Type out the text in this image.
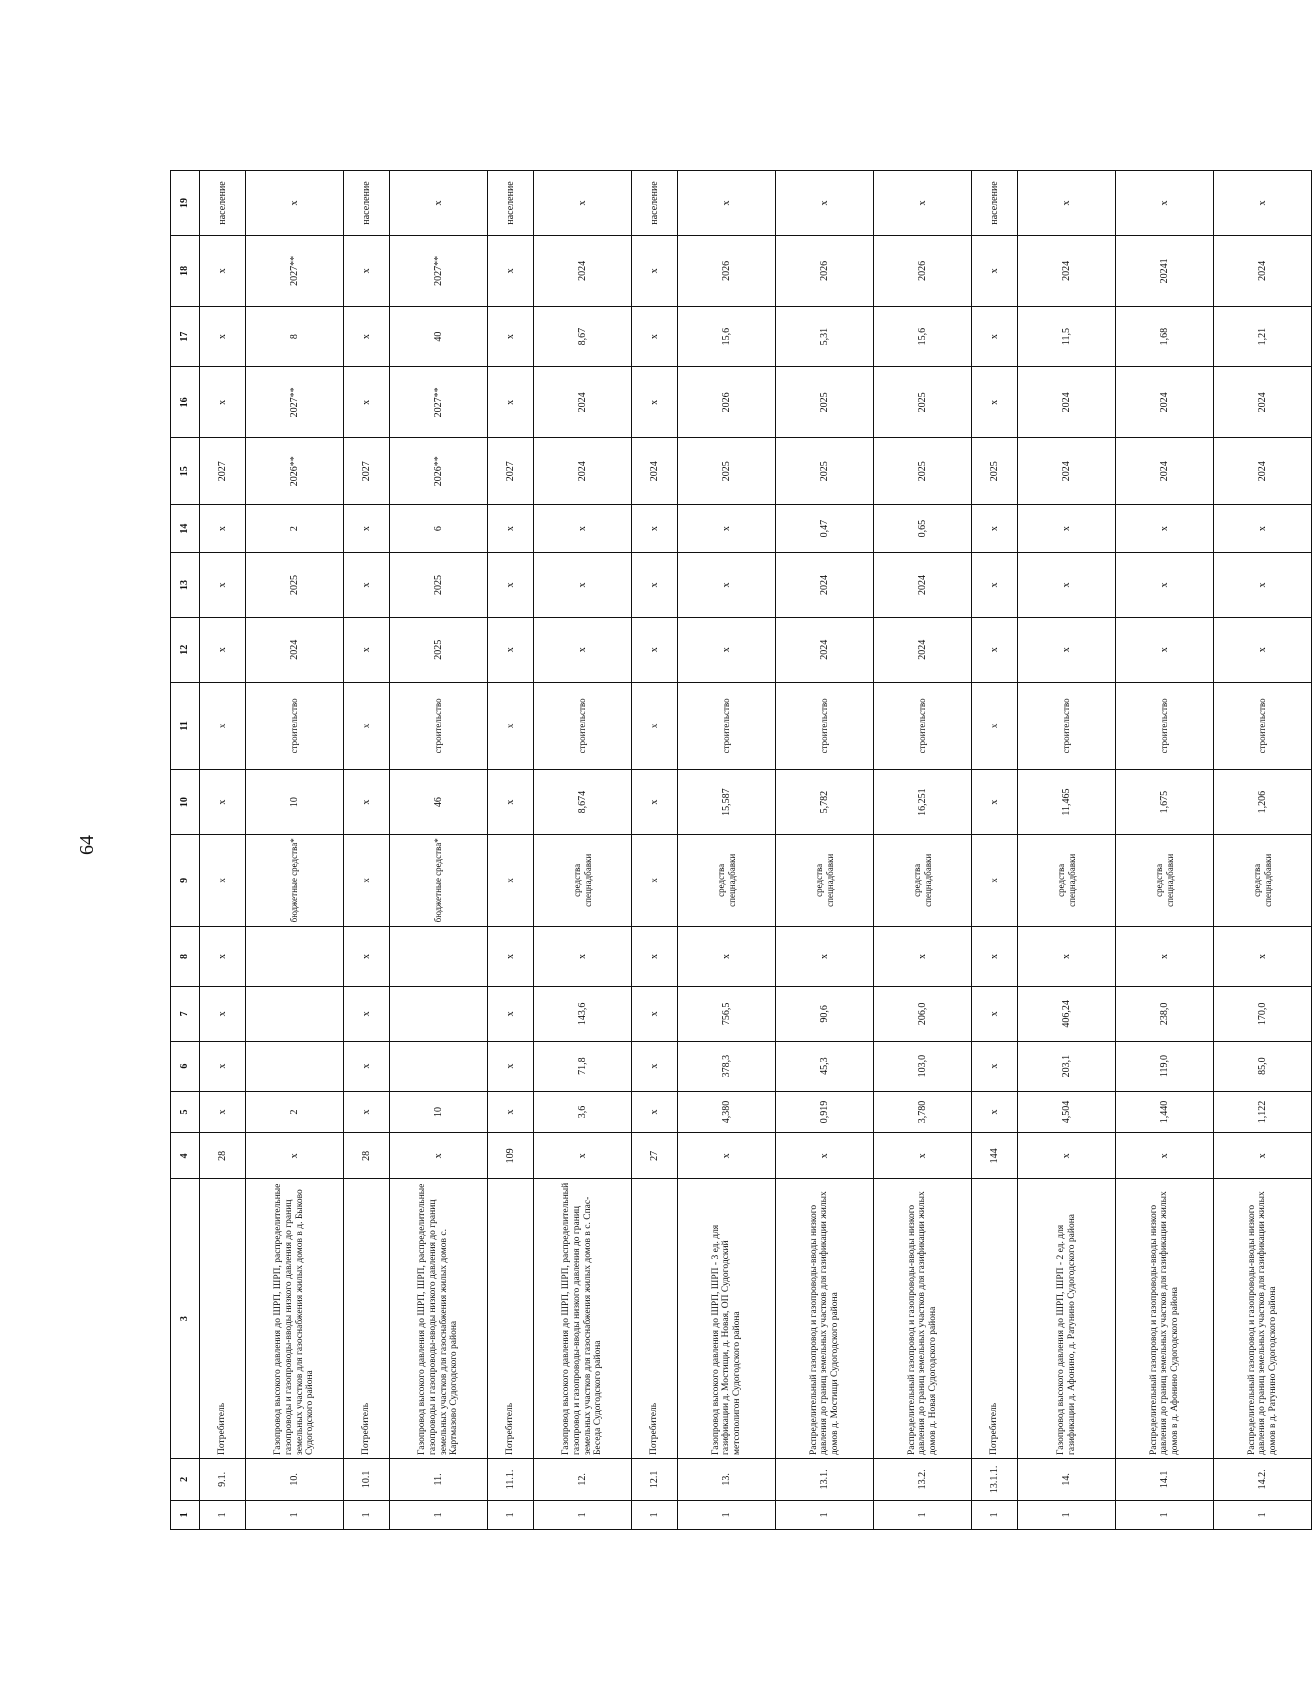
64
1	2	3	4	5	6	7	8	9	10	11	12	13	14	15	16	17	18	19
1	9.1.	Потребитель	28	x	x	x	x	x	x	x	x	x	x	2027	x	x	x	население
1	10.	Газопровод высокого давления до ШРП, ШРП, распределительные газопроводы и газопроводы-вводы низкого давления до границ земельных участков для газоснабжения жилых домов в д. Быково Судогодского района	x	2				бюджетные средства*	10	строительство	2024	2025	2	2026**	2027**	8	2027**	x
1	10.1	Потребитель	28	x	x	x	x	x	x	x	x	x	x	2027	x	x	x	население
1	11.	Газопровод высокого давления до ШРП, ШРП, распределительные газопроводы и газопроводы-вводы низкого давления до границ земельных участков для газоснабжения жилых домов с. Картмазово Судогодского района	x	10				бюджетные средства*	46	строительство	2025	2025	6	2026**	2027**	40	2027**	x
1	11.1.	Потребитель	109	x	x	x	x	x	x	x	x	x	x	2027	x	x	x	население
1	12.	Газопровод высокого давления до ШРП, ШРП, распределительный газопровод и газопроводы-вводы низкого давления до границ земельных участков для газоснабжения жилых домов в с. Спас-Беседа Судогодского района	x	3,6	71,8	143,6	x	средства спецнадбавки	8,674	строительство	x	x	x	2024	2024	8,67	2024	x
1	12.1	Потребитель	27	x	x	x	x	x	x	x	x	x	x	2024	x	x	x	население
1	13.	Газопровод высокого давления до ШРП, ШРП - 3 ед. для газификации д. Мостищи, д. Новая, ОП Судогодский метсополигон Судогодского района	x	4,380	378,3	756,5	x	средства спецнадбавки	15,587	строительство	x	x	x	2025	2026	15,6	2026	x
1	13.1.	Распределительный газопровод и газопроводы-вводы низкого давления до границ земельных участков для газификации жилых домов д. Мостищи Судогодского района	x	0,919	45,3	90,6	x	средства спецнадбавки	5,782	строительство	2024	2024	0,47	2025	2025	5,31	2026	x
1	13.2.	Распределительный газопровод и газопроводы-вводы низкого давления до границ земельных участков для газификации жилых домов д. Новая Судогодского района	x	3,780	103,0	206,0	x	средства спецнадбавки	16,251	строительство	2024	2024	0,65	2025	2025	15,6	2026	x
1	13.1.1.	Потребитель	144	x	x	x	x	x	x	x	x	x	x	2025	x	x	x	население
1	14.	Газопровод высокого давления до ШРП, ШРП - 2 ед. для газификации д. Афонино, д. Ратунино Судогодского района	x	4,504	203,1	406,24	x	средства спецнадбавки	11,465	строительство	x	x	x	2024	2024	11,5	2024	x
1	14.1	Распределительный газопровод и газопроводы-вводы низкого давления до границ земельных участков для газификации жилых домов в д. Афонино Судогодского района	x	1,440	119,0	238,0	x	средства спецнадбавки	1,675	строительство	x	x	x	2024	2024	1,68	20241	x
1	14.2.	Распределительный газопровод и газопроводы-вводы низкого давления до границ земельных участков для газификации жилых домов в д. Ратунино Судогодского района	x	1,122	85,0	170,0	x	средства спецнадбавки	1,206	строительство	x	x	x	2024	2024	1,21	2024	x
